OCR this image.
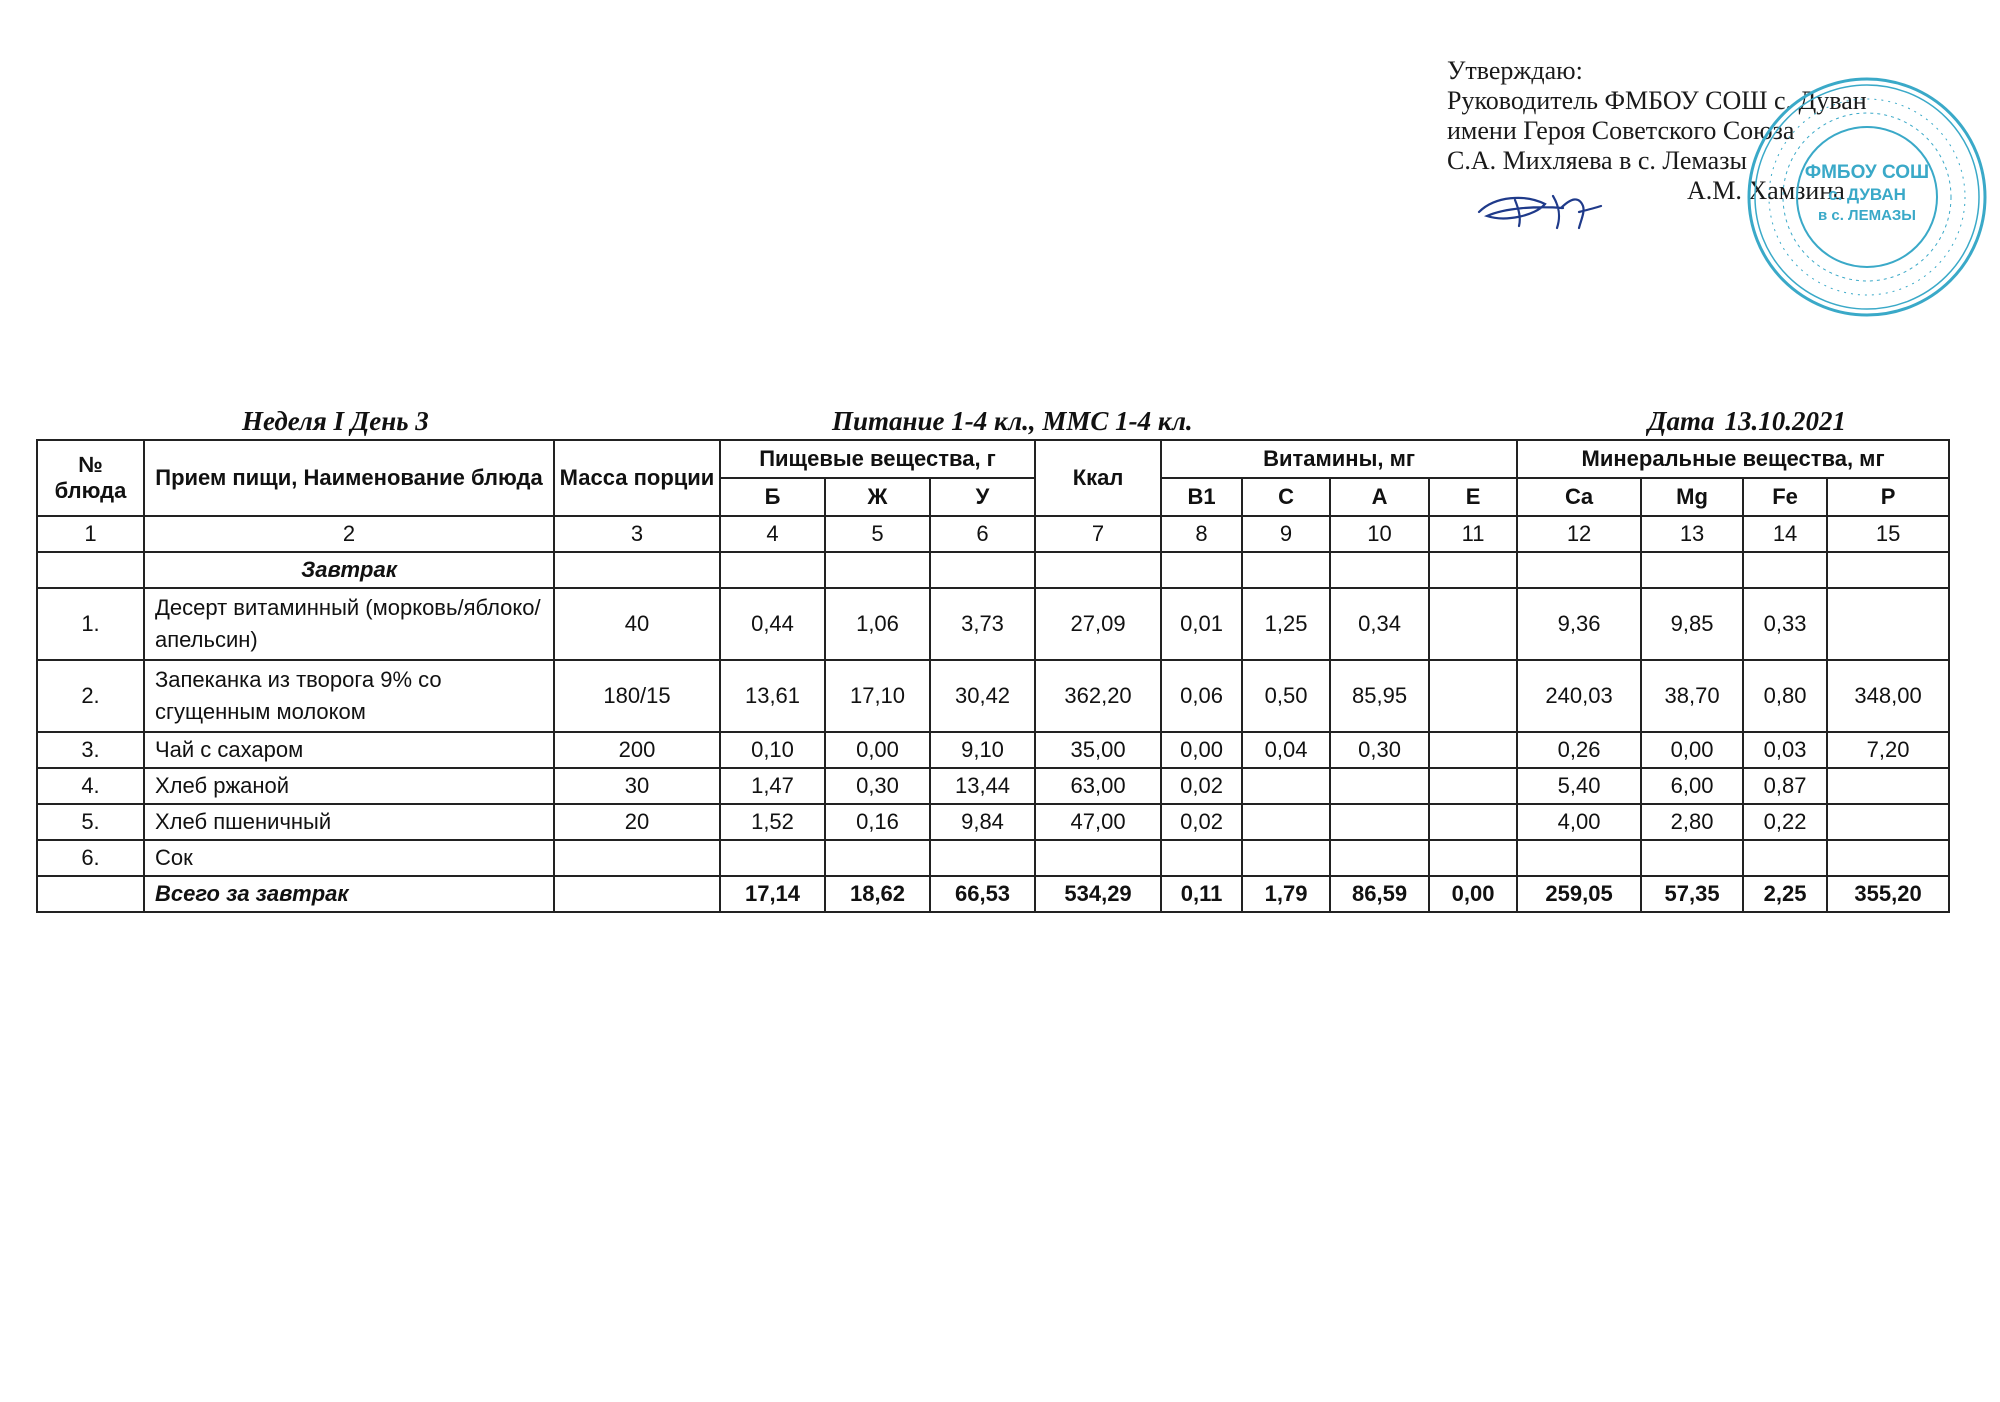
Утверждаю:
Руководитель ФМБОУ СОШ с. Дуван
имени Героя Советского Союза
С.А. Михляева в с. Лемазы
А.М. Хамзина
ФМБОУ СОШ
с. ДУВАН
в с. ЛЕМАЗЫ
Неделя I День 3	Питание 1-4 кл., ММС 1-4 кл.	Дата 13.10.2021
№ блюда	Прием пищи, Наименование блюда	Масса порции	Пищевые вещества, г			Ккал	Витамины, мг				Минеральные вещества, мг			
			Б	Ж	У		B1	C	A	E	Ca	Mg	Fe	P
1	2	3	4	5	6	7	8	9	10	11	12	13	14	15
	Завтрак													
1.	Десерт витаминный (морковь/яблоко/апельсин)	40	0,44	1,06	3,73	27,09	0,01	1,25	0,34		9,36	9,85	0,33	
2.	Запеканка из творога 9% со сгущенным молоком	180/15	13,61	17,10	30,42	362,20	0,06	0,50	85,95		240,03	38,70	0,80	348,00
3.	Чай с сахаром	200	0,10	0,00	9,10	35,00	0,00	0,04	0,30		0,26	0,00	0,03	7,20
4.	Хлеб ржаной	30	1,47	0,30	13,44	63,00	0,02				5,40	6,00	0,87	
5.	Хлеб пшеничный	20	1,52	0,16	9,84	47,00	0,02				4,00	2,80	0,22	
6.	Сок													
	Всего за завтрак		17,14	18,62	66,53	534,29	0,11	1,79	86,59	0,00	259,05	57,35	2,25	355,20
